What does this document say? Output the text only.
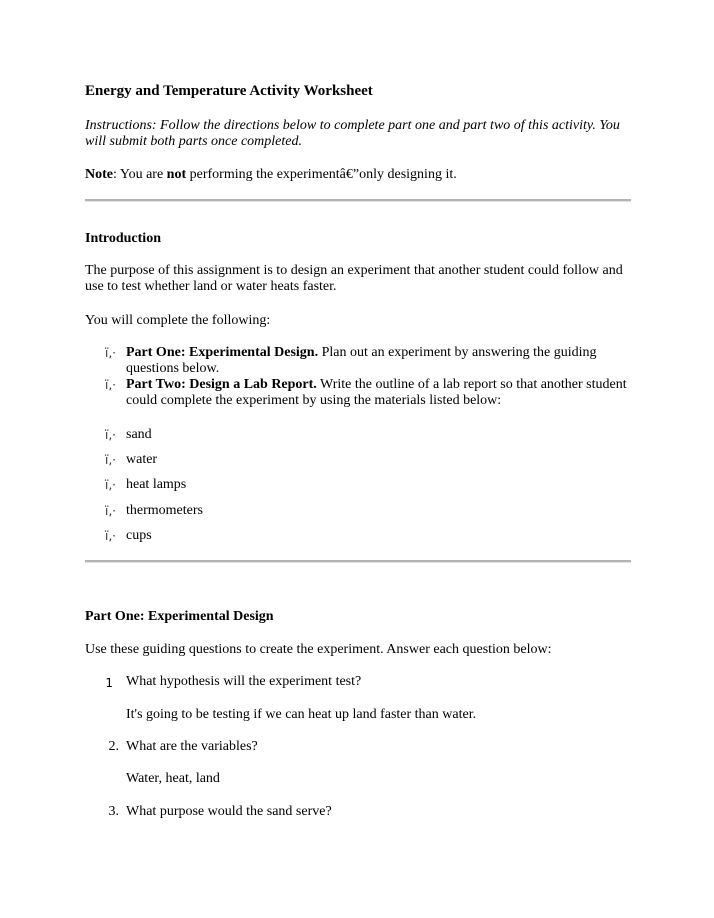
Energy and Temperature Activity Worksheet
Instructions: Follow the directions below to complete part one and part two of this activity. You will submit both parts once completed.
Note: You are not performing the experimentâ€”only designing it.
Introduction
The purpose of this assignment is to design an experiment that another student could follow and use to test whether land or water heats faster.
You will complete the following:
ï‚· Part One: Experimental Design. Plan out an experiment by answering the guiding questions below.
ï‚· Part Two: Design a Lab Report. Write the outline of a lab report so that another student could complete the experiment by using the materials listed below:
ï‚· sand
ï‚· water
ï‚· heat lamps
ï‚· thermometers
ï‚· cups
Part One: Experimental Design
Use these guiding questions to create the experiment. Answer each question below:
1 What hypothesis will the experiment test?
It's going to be testing if we can heat up land faster than water.
2. What are the variables?
Water, heat, land
3. What purpose would the sand serve?
